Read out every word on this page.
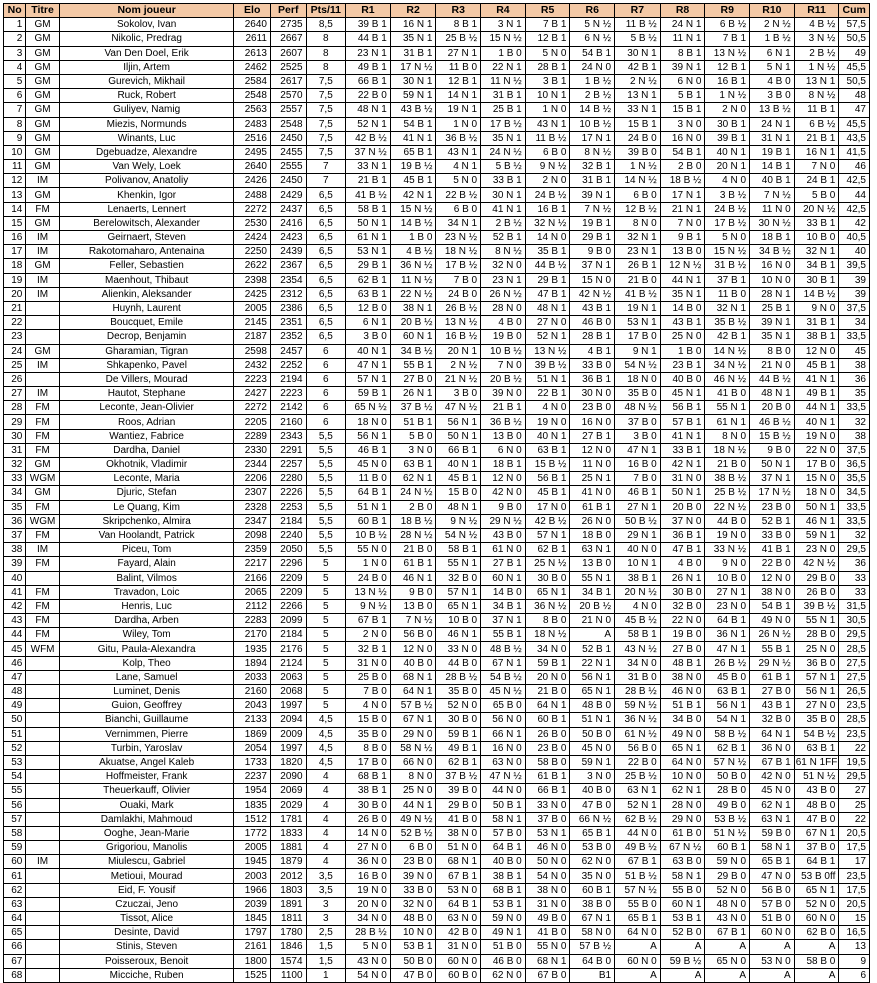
No	Titre	Nom joueur	Elo	Perf	Pts/11	R1	R2	R3	R4	R5	R6	R7	R8	R9	R10	R11	Cum
1	GM	Sokolov, Ivan	2640	2735	8,5	39 B 1	16 N 1	8 B 1	3 N 1	7 B 1	5 N ½	11 B ½	24 N 1	6 B ½	2 N ½	4 B ½	57,5
2	GM	Nikolic, Predrag	2611	2667	8	44 B 1	35 N 1	25 B ½	15 N ½	12 B 1	6 N ½	5 B ½	11 N 1	7 B 1	1 B ½	3 N ½	50,5
3	GM	Van Den Doel, Erik	2613	2607	8	23 N 1	31 B 1	27 N 1	1 B 0	5 N 0	54 B 1	30 N 1	8 B 1	13 N ½	6 N 1	2 B ½	49
4	GM	Iljin, Artem	2462	2525	8	49 B 1	17 N ½	11 B 0	22 N 1	28 B 1	24 N 0	42 B 1	39 N 1	12 B 1	5 N 1	1 N ½	45,5
5	GM	Gurevich, Mikhail	2584	2617	7,5	66 B 1	30 N 1	12 B 1	11 N ½	3 B 1	1 B ½	2 N ½	6 N 0	16 B 1	4 B 0	13 N 1	50,5
6	GM	Ruck, Robert	2548	2570	7,5	22 B 0	59 N 1	14 N 1	31 B 1	10 N 1	2 B ½	13 N 1	5 B 1	1 N ½	3 B 0	8 N ½	48
7	GM	Guliyev, Namig	2563	2557	7,5	48 N 1	43 B ½	19 N 1	25 B 1	1 N 0	14 B ½	33 N 1	15 B 1	2 N 0	13 B ½	11 B 1	47
8	GM	Miezis, Normunds	2483	2548	7,5	52 N 1	54 B 1	1 N 0	17 B ½	43 N 1	10 B ½	15 B 1	3 N 0	30 B 1	24 N 1	6 B ½	45,5
9	GM	Winants, Luc	2516	2450	7,5	42 B ½	41 N 1	36 B ½	35 N 1	11 B ½	17 N 1	24 B 0	16 N 0	39 B 1	31 N 1	21 B 1	43,5
10	GM	Dgebuadze, Alexandre	2495	2455	7,5	37 N ½	65 B 1	43 N 1	24 N ½	6 B 0	8 N ½	39 B 0	54 B 1	40 N 1	19 B 1	16 N 1	41,5
11	GM	Van Wely, Loek	2640	2555	7	33 N 1	19 B ½	4 N 1	5 B ½	9 N ½	32 B 1	1 N ½	2 B 0	20 N 1	14 B 1	7 N 0	46
12	IM	Polivanov, Anatoliy	2426	2450	7	21 B 1	45 B 1	5 N 0	33 B 1	2 N 0	31 B 1	14 N ½	18 B ½	4 N 0	40 B 1	24 B 1	42,5
13	GM	Khenkin, Igor	2488	2429	6,5	41 B ½	42 N 1	22 B ½	30 N 1	24 B ½	39 N 1	6 B 0	17 N 1	3 B ½	7 N ½	5 B 0	44
14	FM	Lenaerts, Lennert	2272	2437	6,5	58 B 1	15 N ½	6 B 0	41 N 1	16 B 1	7 N ½	12 B ½	21 N 1	24 B ½	11 N 0	20 N ½	42,5
15	GM	Berelowitsch, Alexander	2530	2416	6,5	50 N 1	14 B ½	34 N 1	2 B ½	32 N ½	19 B 1	8 N 0	7 N 0	17 B ½	30 N ½	33 B 1	42
16	IM	Geirnaert, Steven	2424	2423	6,5	61 N 1	1 B 0	23 N ½	52 B 1	14 N 0	29 B 1	32 N 1	9 B 1	5 N 0	18 B 1	10 B 0	40,5
17	IM	Rakotomaharo, Antenaina	2250	2439	6,5	53 N 1	4 B ½	18 N ½	8 N ½	35 B 1	9 B 0	23 N 1	13 B 0	15 N ½	34 B ½	32 N 1	40
18	GM	Feller, Sebastien	2622	2367	6,5	29 B 1	36 N ½	17 B ½	32 N 0	44 B ½	37 N 1	26 B 1	12 N ½	31 B ½	16 N 0	34 B 1	39,5
19	IM	Maenhout, Thibaut	2398	2354	6,5	62 B 1	11 N ½	7 B 0	23 N 1	29 B 1	15 N 0	21 B 0	44 N 1	37 B 1	10 N 0	30 B 1	39
20	IM	Alienkin, Aleksander	2425	2312	6,5	63 B 1	22 N ½	24 B 0	26 N ½	47 B 1	42 N ½	41 B ½	35 N 1	11 B 0	28 N 1	14 B ½	39
21		Huynh, Laurent	2005	2386	6,5	12 B 0	38 N 1	26 B ½	28 N 0	48 N 1	43 B 1	19 N 1	14 B 0	32 N 1	25 B 1	9 N 0	37,5
22		Boucquet, Emile	2145	2351	6,5	6 N 1	20 B ½	13 N ½	4 B 0	27 N 0	46 B 0	53 N 1	43 B 1	35 B ½	39 N 1	31 B 1	34
23		Decrop, Benjamin	2187	2352	6,5	3 B 0	60 N 1	16 B ½	19 B 0	52 N 1	28 B 1	17 B 0	25 N 0	42 B 1	35 N 1	38 B 1	33,5
24	GM	Gharamian, Tigran	2598	2457	6	40 N 1	34 B ½	20 N 1	10 B ½	13 N ½	4 B 1	9 N 1	1 B 0	14 N ½	8 B 0	12 N 0	45
25	IM	Shkapenko, Pavel	2432	2252	6	47 N 1	55 B 1	2 N ½	7 N 0	39 B ½	33 B 0	54 N ½	23 B 1	34 N ½	21 N 0	45 B 1	38
26		De Villers, Mourad	2223	2194	6	57 N 1	27 B 0	21 N ½	20 B ½	51 N 1	36 B 1	18 N 0	40 B 0	46 N ½	44 B ½	41 N 1	36
27	IM	Hautot, Stephane	2427	2223	6	59 B 1	26 N 1	3 B 0	39 N 0	22 B 1	30 N 0	35 B 0	45 N 1	41 B 0	48 N 1	49 B 1	35
28	FM	Leconte, Jean-Olivier	2272	2142	6	65 N ½	37 B ½	47 N ½	21 B 1	4 N 0	23 B 0	48 N ½	56 B 1	55 N 1	20 B 0	44 N 1	33,5
29	FM	Roos, Adrian	2205	2160	6	18 N 0	51 B 1	56 N 1	36 B ½	19 N 0	16 N 0	37 B 0	57 B 1	61 N 1	46 B ½	40 N 1	32
30	FM	Wantiez, Fabrice	2289	2343	5,5	56 N 1	5 B 0	50 N 1	13 B 0	40 N 1	27 B 1	3 B 0	41 N 1	8 N 0	15 B ½	19 N 0	38
31	FM	Dardha, Daniel	2330	2291	5,5	46 B 1	3 N 0	66 B 1	6 N 0	63 B 1	12 N 0	47 N 1	33 B 1	18 N ½	9 B 0	22 N 0	37,5
32	GM	Okhotnik, Vladimir	2344	2257	5,5	45 N 0	63 B 1	40 N 1	18 B 1	15 B ½	11 N 0	16 B 0	42 N 1	21 B 0	50 N 1	17 B 0	36,5
33	WGM	Leconte, Maria	2206	2280	5,5	11 B 0	62 N 1	45 B 1	12 N 0	56 B 1	25 N 1	7 B 0	31 N 0	38 B ½	37 N 1	15 N 0	35,5
34	GM	Djuric, Stefan	2307	2226	5,5	64 B 1	24 N ½	15 B 0	42 N 0	45 B 1	41 N 0	46 B 1	50 N 1	25 B ½	17 N ½	18 N 0	34,5
35	FM	Le Quang, Kim	2328	2253	5,5	51 N 1	2 B 0	48 N 1	9 B 0	17 N 0	61 B 1	27 N 1	20 B 0	22 N ½	23 B 0	50 N 1	33,5
36	WGM	Skripchenko, Almira	2347	2184	5,5	60 B 1	18 B ½	9 N ½	29 N ½	42 B ½	26 N 0	50 B ½	37 N 0	44 B 0	52 B 1	46 N 1	33,5
37	FM	Van Hoolandt, Patrick	2098	2240	5,5	10 B ½	28 N ½	54 N ½	43 B 0	57 N 1	18 B 0	29 N 1	36 B 1	19 N 0	33 B 0	59 N 1	32
38	IM	Piceu, Tom	2359	2050	5,5	55 N 0	21 B 0	58 B 1	61 N 0	62 B 1	63 N 1	40 N 0	47 B 1	33 N ½	41 B 1	23 N 0	29,5
39	FM	Fayard, Alain	2217	2296	5	1 N 0	61 B 1	55 N 1	27 B 1	25 N ½	13 B 0	10 N 1	4 B 0	9 N 0	22 B 0	42 N ½	36
40		Balint, Vilmos	2166	2209	5	24 B 0	46 N 1	32 B 0	60 N 1	30 B 0	55 N 1	38 B 1	26 N 1	10 B 0	12 N 0	29 B 0	33
41	FM	Travadon, Loic	2065	2209	5	13 N ½	9 B 0	57 N 1	14 B 0	65 N 1	34 B 1	20 N ½	30 B 0	27 N 1	38 N 0	26 B 0	33
42	FM	Henris, Luc	2112	2266	5	9 N ½	13 B 0	65 N 1	34 B 1	36 N ½	20 B ½	4 N 0	32 B 0	23 N 0	54 B 1	39 B ½	31,5
43	FM	Dardha, Arben	2283	2099	5	67 B 1	7 N ½	10 B 0	37 N 1	8 B 0	21 N 0	45 B ½	22 N 0	64 B 1	49 N 0	55 N 1	30,5
44	FM	Wiley, Tom	2170	2184	5	2 N 0	56 B 0	46 N 1	55 B 1	18 N ½	A	58 B 1	19 B 0	36 N 1	26 N ½	28 B 0	29,5
45	WFM	Gitu, Paula-Alexandra	1935	2176	5	32 B 1	12 N 0	33 N 0	48 B ½	34 N 0	52 B 1	43 N ½	27 B 0	47 N 1	55 B 1	25 N 0	28,5
46		Kolp, Theo	1894	2124	5	31 N 0	40 B 0	44 B 0	67 N 1	59 B 1	22 N 1	34 N 0	48 B 1	26 B ½	29 N ½	36 B 0	27,5
47		Lane, Samuel	2033	2063	5	25 B 0	68 N 1	28 B ½	54 B ½	20 N 0	56 N 1	31 B 0	38 N 0	45 B 0	61 B 1	57 N 1	27,5
48		Luminet, Denis	2160	2068	5	7 B 0	64 N 1	35 B 0	45 N ½	21 B 0	65 N 1	28 B ½	46 N 0	63 B 1	27 B 0	56 N 1	26,5
49		Guion, Geoffrey	2043	1997	5	4 N 0	57 B ½	52 N 0	65 B 0	64 N 1	48 B 0	59 N ½	51 B 1	56 N 1	43 B 1	27 N 0	23,5
50		Bianchi, Guillaume	2133	2094	4,5	15 B 0	67 N 1	30 B 0	56 N 0	60 B 1	51 N 1	36 N ½	34 B 0	54 N 1	32 B 0	35 B 0	28,5
51		Vernimmen, Pierre	1869	2009	4,5	35 B 0	29 N 0	59 B 1	66 N 1	26 B 0	50 B 0	61 N ½	49 N 0	58 B ½	64 N 1	54 B ½	23,5
52		Turbin, Yaroslav	2054	1997	4,5	8 B 0	58 N ½	49 B 1	16 N 0	23 B 0	45 N 0	56 B 0	65 N 1	62 B 1	36 N 0	63 B 1	22
53		Akuatse, Angel Kaleb	1733	1820	4,5	17 B 0	66 N 0	62 B 1	63 N 0	58 B 0	59 N 1	22 B 0	64 N 0	57 N ½	67 B 1	61 N 1FF	19,5
54		Hoffmeister, Frank	2237	2090	4	68 B 1	8 N 0	37 B ½	47 N ½	61 B 1	3 N 0	25 B ½	10 N 0	50 B 0	42 N 0	51 N ½	29,5
55		Theuerkauff, Olivier	1954	2069	4	38 B 1	25 N 0	39 B 0	44 N 0	66 B 1	40 B 0	63 N 1	62 N 1	28 B 0	45 N 0	43 B 0	27
56		Ouaki, Mark	1835	2029	4	30 B 0	44 N 1	29 B 0	50 B 1	33 N 0	47 B 0	52 N 1	28 N 0	49 B 0	62 N 1	48 B 0	25
57		Damlakhi, Mahmoud	1512	1781	4	26 B 0	49 N ½	41 B 0	58 N 1	37 B 0	66 N ½	62 B ½	29 N 0	53 B ½	63 N 1	47 B 0	22
58		Ooghe, Jean-Marie	1772	1833	4	14 N 0	52 B ½	38 N 0	57 B 0	53 N 1	65 B 1	44 N 0	61 B 0	51 N ½	59 B 0	67 N 1	20,5
59		Grigoriou, Manolis	2005	1881	4	27 N 0	6 B 0	51 N 0	64 B 1	46 N 0	53 B 0	49 B ½	67 N ½	60 B 1	58 N 1	37 B 0	17,5
60	IM	Miulescu, Gabriel	1945	1879	4	36 N 0	23 B 0	68 N 1	40 B 0	50 N 0	62 N 0	67 B 1	63 B 0	59 N 0	65 B 1	64 B 1	17
61		Metioui, Mourad	2003	2012	3,5	16 B 0	39 N 0	67 B 1	38 B 1	54 N 0	35 N 0	51 B ½	58 N 1	29 B 0	47 N 0	53 B 0ff	23,5
62		Eid, F. Yousif	1966	1803	3,5	19 N 0	33 B 0	53 N 0	68 B 1	38 N 0	60 B 1	57 N ½	55 B 0	52 N 0	56 B 0	65 N 1	17,5
63		Czuczai, Jeno	2039	1891	3	20 N 0	32 N 0	64 B 1	53 B 1	31 N 0	38 B 0	55 B 0	60 N 1	48 N 0	57 B 0	52 N 0	20,5
64		Tissot, Alice	1845	1811	3	34 N 0	48 B 0	63 N 0	59 N 0	49 B 0	67 N 1	65 B 1	53 B 1	43 N 0	51 B 0	60 N 0	15
65		Desinte, David	1797	1780	2,5	28 B ½	10 N 0	42 B 0	49 N 1	41 B 0	58 N 0	64 N 0	52 B 0	67 B 1	60 N 0	62 B 0	16,5
66		Stinis, Steven	2161	1846	1,5	5 N 0	53 B 1	31 N 0	51 B 0	55 N 0	57 B ½	A	A	A	A	A	13
67		Poisseroux, Benoit	1800	1574	1,5	43 N 0	50 B 0	60 N 0	46 B 0	68 N 1	64 B 0	60 N 0	59 B ½	65 N 0	53 N 0	58 B 0	9
68		Micciche, Ruben	1525	1100	1	54 N 0	47 B 0	60 B 0	62 N 0	67 B 0	B1	A	A	A	A	A	6
